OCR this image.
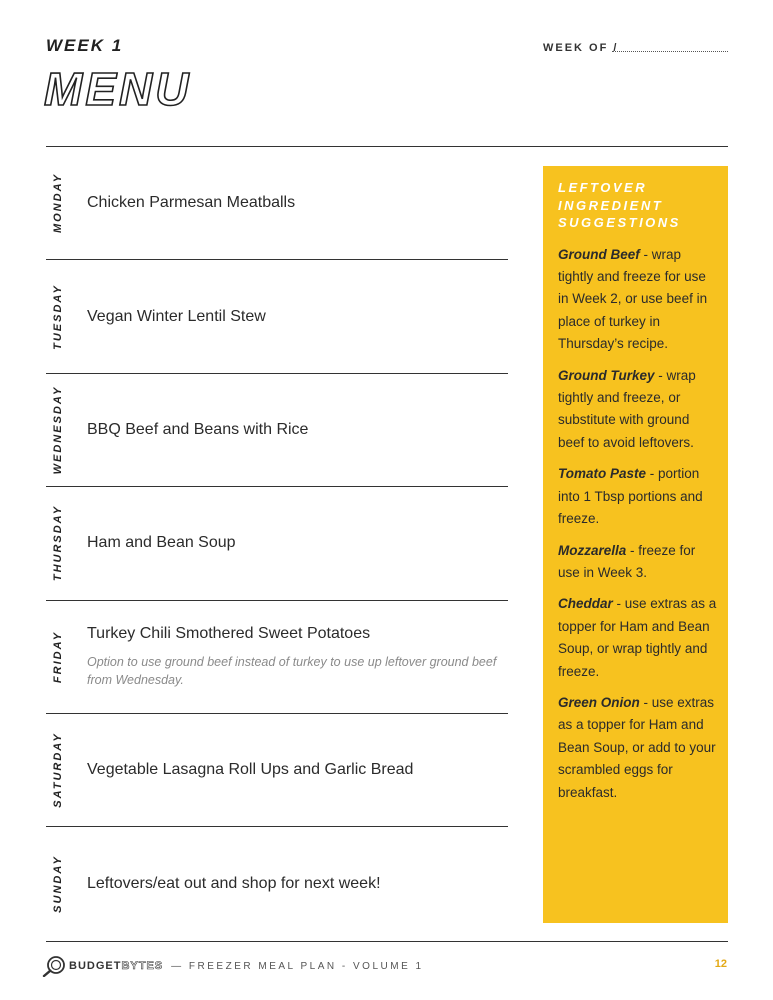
WEEK 1
MENU
WEEK OF /
MONDAY Chicken Parmesan Meatballs
TUESDAY Vegan Winter Lentil Stew
WEDNESDAY BBQ Beef and Beans with Rice
THURSDAY Ham and Bean Soup
FRIDAY Turkey Chili Smothered Sweet Potatoes
Option to use ground beef instead of turkey to use up leftover ground beef from Wednesday.
SATURDAY Vegetable Lasagna Roll Ups and Garlic Bread
SUNDAY Leftovers/eat out and shop for next week!
LEFTOVER
INGREDIENT
SUGGESTIONS

Ground Beef - wrap tightly and freeze for use in Week 2, or use beef in place of turkey in Thursday’s recipe.

Ground Turkey - wrap tightly and freeze, or substitute with ground beef to avoid leftovers.

Tomato Paste - portion into 1 Tbsp portions and freeze.

Mozzarella - freeze for use in Week 3.

Cheddar - use extras as a topper for Ham and Bean Soup, or wrap tightly and freeze.

Green Onion - use extras as a topper for Ham and Bean Soup, or add to your scrambled eggs for breakfast.

BUDGET BYTES — FREEZER MEAL PLAN - VOLUME 1	12
